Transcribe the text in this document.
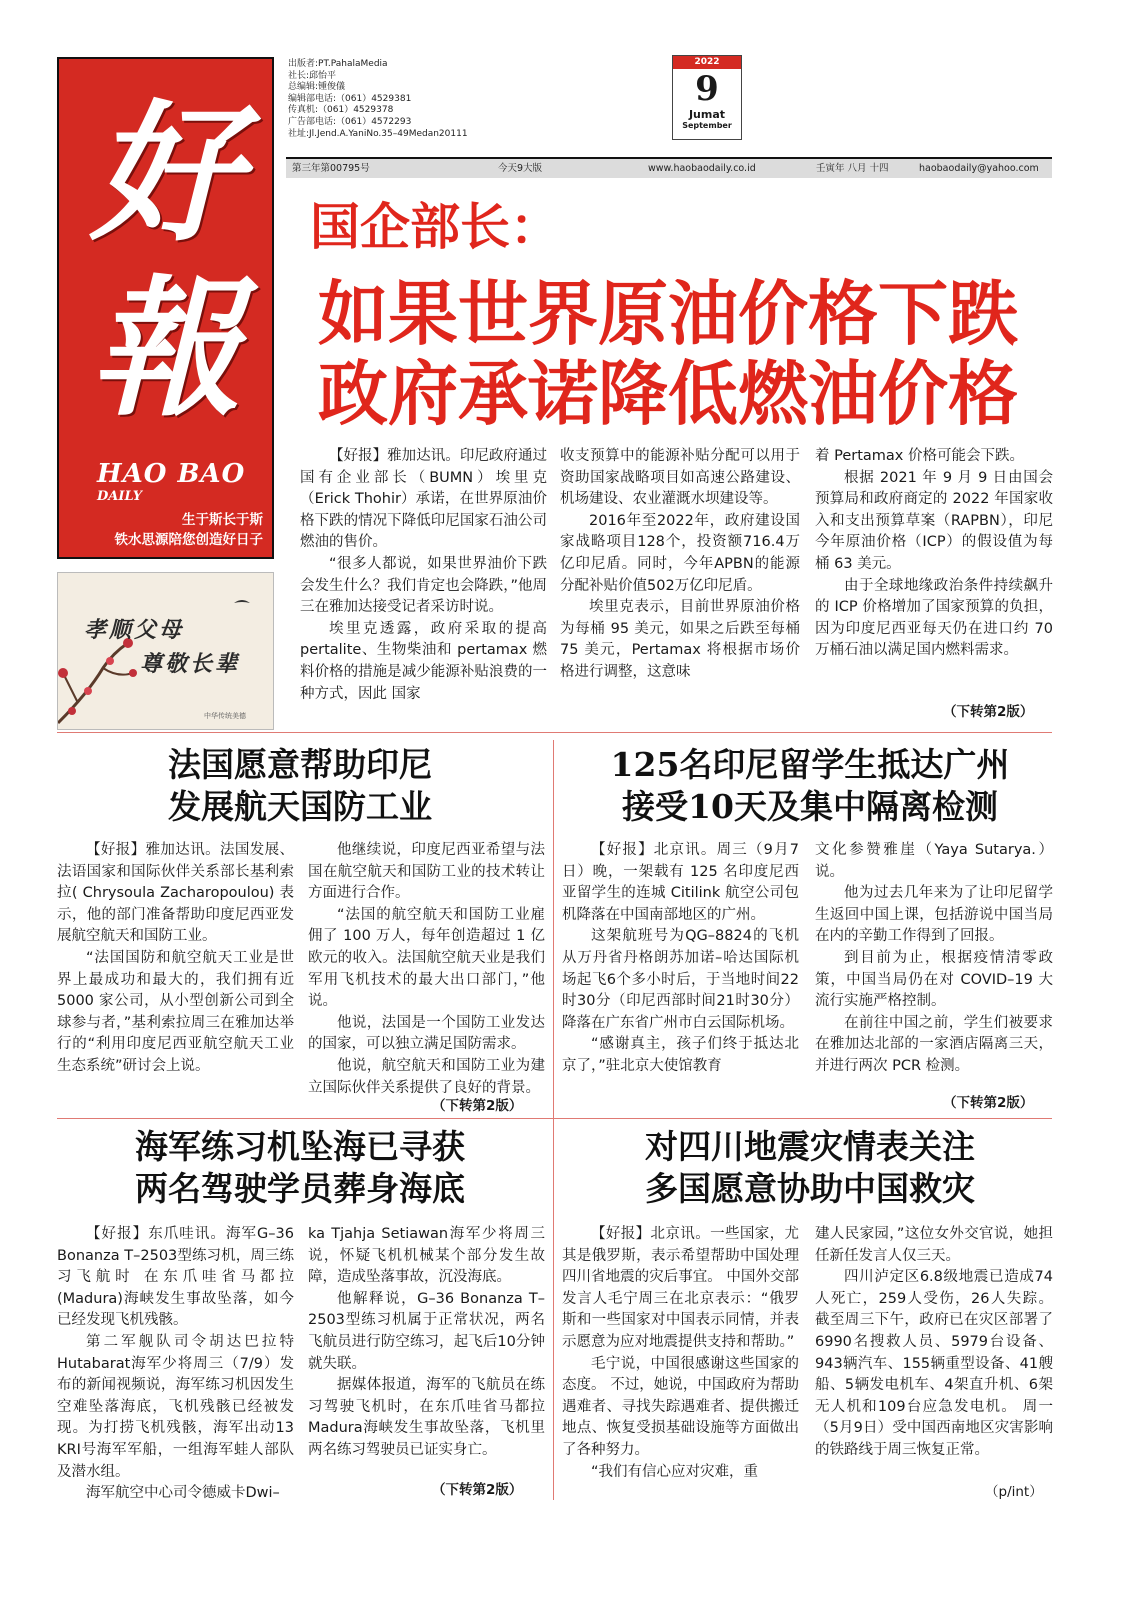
好
報
HAO BAO
DAILY
生于斯长于斯
铁水思源陪您创造好日子
孝顺父母
尊敬长辈
中华传统美德
出版者:PT.PahalaMedia
社长:邱怡平
总编辑:锺俊儀
编辑部电话:（061）4529381
传真机:（061）4529378
广告部电话:（061）4572293
社址:Jl.Jend.A.YaniNo.35–49Medan20111
2022
9
Jumat
September
第三年第00795号	今天9大版	www.haobaodaily.co.id	壬寅年 八月 十四	haobaodaily@yahoo.com
国企部长：
如果世界原油价格下跌
政府承诺降低燃油价格

【好报】雅加达讯。印尼政府通过国有企业部长（BUMN）埃里克（Erick Thohir）承诺，在世界原油价格下跌的情况下降低印尼国家石油公司燃油的售价。

“很多人都说，如果世界油价下跌会发生什么？我们肯定也会降跌，”他周三在雅加达接受记者采访时说。

埃里克透露，政府采取的提高 pertalite、生物柴油和 pertamax 燃料价格的措施是减少能源补贴浪费的一种方式，因此 国家

收支预算中的能源补贴分配可以用于资助国家战略项目如高速公路建设、机场建设、农业灌溉水坝建设等。

2016年至2022年，政府建设国家战略项目128个，投资额716.4万亿印尼盾。同时，今年APBN的能源分配补贴价值502万亿印尼盾。

埃里克表示，目前世界原油价格为每桶 95 美元，如果之后跌至每桶 75 美元，Pertamax 将根据市场价格进行调整，这意味

着 Pertamax 价格可能会下跌。

根据 2021 年 9 月 9 日由国会预算局和政府商定的 2022 年国家收入和支出预算草案（RAPBN），印尼今年原油价格（ICP）的假设值为每桶 63 美元。

由于全球地缘政治条件持续飙升的 ICP 价格增加了国家预算的负担，因为印度尼西亚每天仍在进口约 70 万桶石油以满足国内燃料需求。

（下转第2版）
法国愿意帮助印尼
发展航天国防工业

【好报】雅加达讯。法国发展、法语国家和国际伙伴关系部长基利索拉( Chrysoula Zacharopoulou) 表示，他的部门准备帮助印度尼西亚发展航空航天和国防工业。

“法国国防和航空航天工业是世界上最成功和最大的，我们拥有近 5000 家公司，从小型创新公司到全球参与者，”基利索拉周三在雅加达举行的“利用印度尼西亚航空航天工业生态系统”研讨会上说。

他继续说，印度尼西亚希望与法国在航空航天和国防工业的技术转让方面进行合作。

“法国的航空航天和国防工业雇佣了 100 万人，每年创造超过 1 亿欧元的收入。法国航空航天业是我们军用飞机技术的最大出口部门，”他说。

他说，法国是一个国防工业发达的国家，可以独立满足国防需求。

他说，航空航天和国防工业为建立国际伙伴关系提供了良好的背景。

（下转第2版）
125名印尼留学生抵达广州
接受10天及集中隔离检测

【好报】北京讯。周三（9月7日）晚，一架载有 125 名印度尼西亚留学生的连城 Citilink 航空公司包机降落在中国南部地区的广州。

这架航班号为QG–8824的飞机从万丹省丹格朗苏加诺–哈达国际机场起飞6个多小时后，于当地时间22时30分（印尼西部时间21时30分）降落在广东省广州市白云国际机场。

“感谢真主，孩子们终于抵达北京了，”驻北京大使馆教育

文化参赞雅崖（Yaya Sutarya.）说。

他为过去几年来为了让印尼留学生返回中国上课，包括游说中国当局在内的辛勤工作得到了回报。

到目前为止，根据疫情清零政策，中国当局仍在对 COVID–19 大流行实施严格控制。

在前往中国之前，学生们被要求在雅加达北部的一家酒店隔离三天，并进行两次 PCR 检测。

（下转第2版）
海军练习机坠海已寻获
两名驾驶学员葬身海底

【好报】东爪哇讯。海军G–36 Bonanza T–2503型练习机，周三练习飞航时 在东爪哇省马都拉(Madura)海峡发生事故坠落，如今已经发现飞机残骸。

第二军舰队司令胡达巴拉特Hutabarat海军少将周三（7/9）发布的新闻视频说，海军练习机因发生空难坠落海底，飞机残骸已经被发现。为打捞飞机残骸，海军出动13 KRI号海军军船，一组海军蛙人部队及潜水组。

海军航空中心司令德威卡Dwi–

ka Tjahja Setiawan海军少将周三说，怀疑飞机机械某个部分发生故障，造成坠落事故，沉没海底。

他解释说，G–36 Bonanza T–2503型练习机属于正常状况，两名飞航员进行防空练习，起飞后10分钟就失联。

据媒体报道，海军的飞航员在练习驾驶飞机时，在东爪哇省马都拉Madura海峡发生事故坠落，飞机里两名练习驾驶员已证实身亡。

（下转第2版）
对四川地震灾情表关注
多国愿意协助中国救灾

【好报】北京讯。一些国家，尤其是俄罗斯，表示希望帮助中国处理四川省地震的灾后事宜。 中国外交部发言人毛宁周三在北京表示：“俄罗斯和一些国家对中国表示同情，并表示愿意为应对地震提供支持和帮助。”

毛宁说，中国很感谢这些国家的态度。 不过，她说，中国政府为帮助遇难者、寻找失踪遇难者、提供搬迁地点、恢复受损基础设施等方面做出了各种努力。

“我们有信心应对灾难，重

建人民家园，”这位女外交官说，她担任新任发言人仅三天。

四川泸定区6.8级地震已造成74人死亡，259人受伤，26人失踪。 截至周三下午，政府已在灾区部署了6990名搜救人员、5979台设备、943辆汽车、155辆重型设备、41艘船、5辆发电机车、4架直升机、6架无人机和109台应急发电机。 周一（5月9日）受中国西南地区灾害影响的铁路线于周三恢复正常。

（p/int）
